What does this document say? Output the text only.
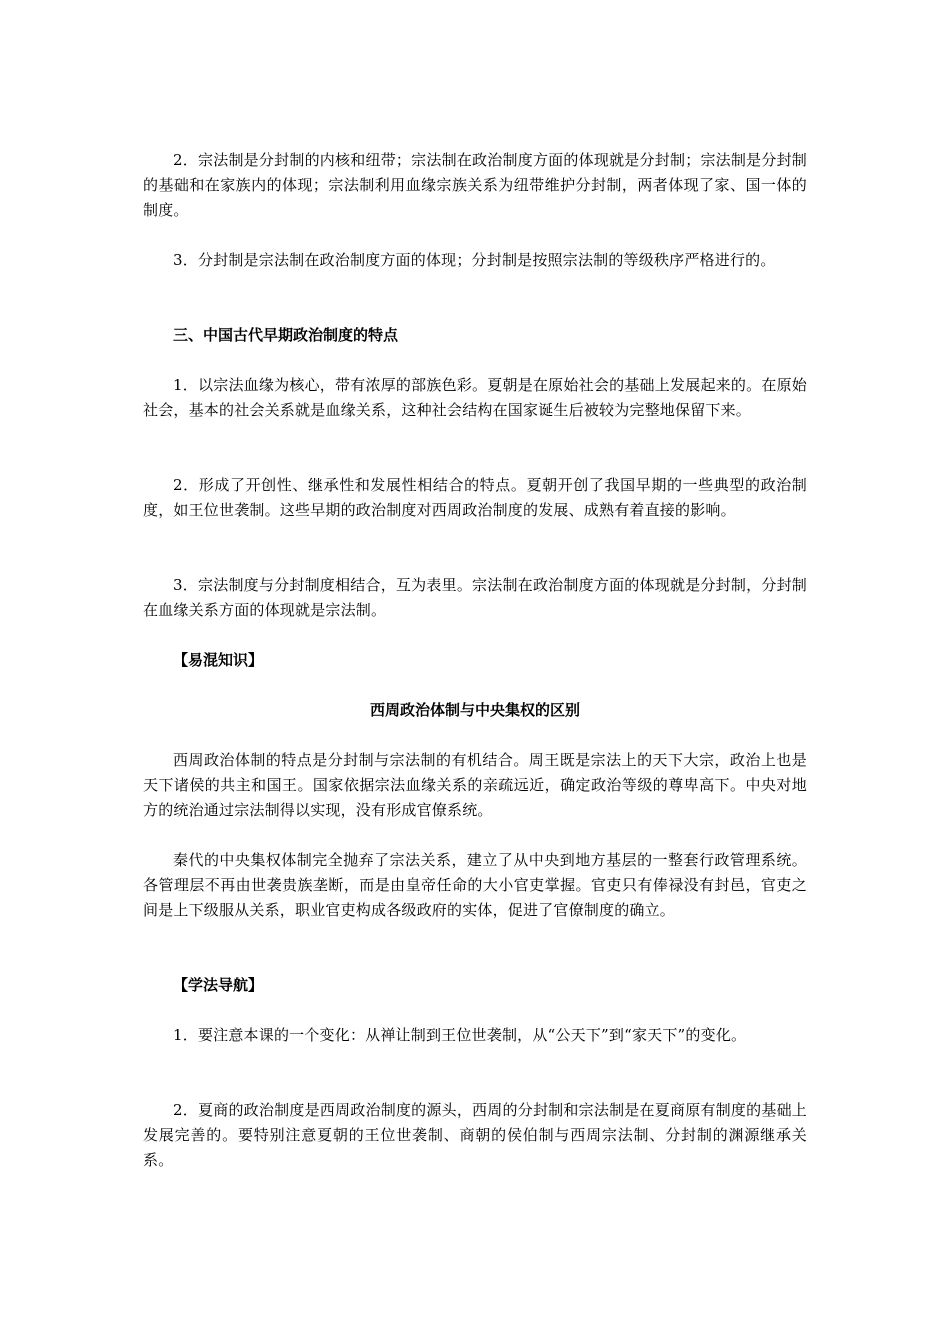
2．宗法制是分封制的内核和纽带；宗法制在政治制度方面的体现就是分封制；宗法制是分封制的基础和在家族内的体现；宗法制利用血缘宗族关系为纽带维护分封制，两者体现了家、国一体的制度。

3．分封制是宗法制在政治制度方面的体现；分封制是按照宗法制的等级秩序严格进行的。

三、中国古代早期政治制度的特点

1．以宗法血缘为核心，带有浓厚的部族色彩。夏朝是在原始社会的基础上发展起来的。在原始社会，基本的社会关系就是血缘关系，这种社会结构在国家诞生后被较为完整地保留下来。

2．形成了开创性、继承性和发展性相结合的特点。夏朝开创了我国早期的一些典型的政治制度，如王位世袭制。这些早期的政治制度对西周政治制度的发展、成熟有着直接的影响。

3．宗法制度与分封制度相结合，互为表里。宗法制在政治制度方面的体现就是分封制，分封制在血缘关系方面的体现就是宗法制。

【易混知识】

西周政治体制与中央集权的区别

西周政治体制的特点是分封制与宗法制的有机结合。周王既是宗法上的天下大宗，政治上也是天下诸侯的共主和国王。国家依据宗法血缘关系的亲疏远近，确定政治等级的尊卑高下。中央对地方的统治通过宗法制得以实现，没有形成官僚系统。

秦代的中央集权体制完全抛弃了宗法关系，建立了从中央到地方基层的一整套行政管理系统。各管理层不再由世袭贵族垄断，而是由皇帝任命的大小官吏掌握。官吏只有俸禄没有封邑，官吏之间是上下级服从关系，职业官吏构成各级政府的实体，促进了官僚制度的确立。

【学法导航】

1．要注意本课的一个变化：从禅让制到王位世袭制，从“公天下”到“家天下”的变化。

2．夏商的政治制度是西周政治制度的源头，西周的分封制和宗法制是在夏商原有制度的基础上发展完善的。要特别注意夏朝的王位世袭制、商朝的侯伯制与西周宗法制、分封制的渊源继承关系。
